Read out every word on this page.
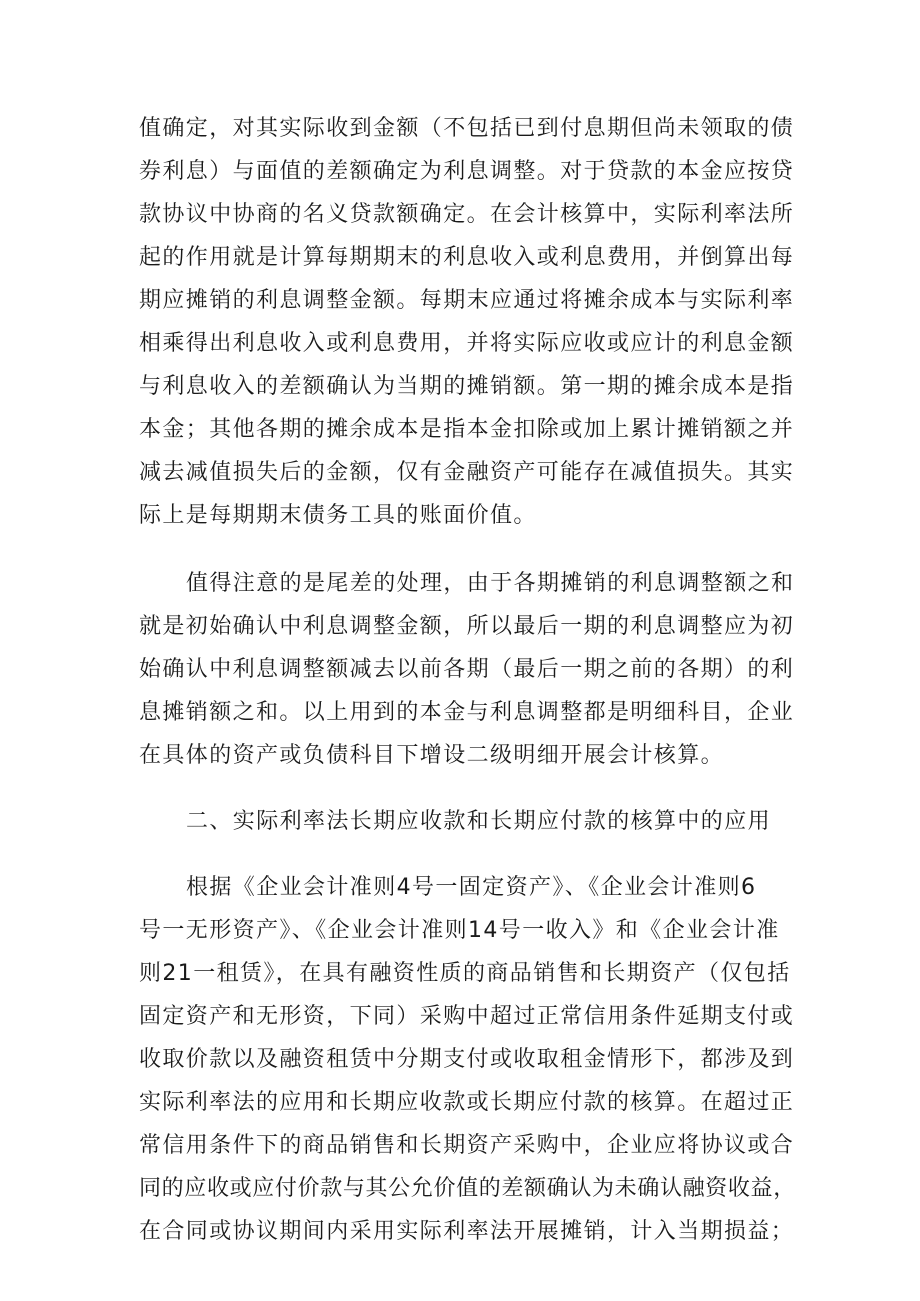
值确定，对其实际收到金额（不包括已到付息期但尚未领取的债
券利息）与面值的差额确定为利息调整。对于贷款的本金应按贷
款协议中协商的名义贷款额确定。在会计核算中，实际利率法所
起的作用就是计算每期期末的利息收入或利息费用，并倒算出每
期应摊销的利息调整金额。每期末应通过将摊余成本与实际利率
相乘得出利息收入或利息费用，并将实际应收或应计的利息金额
与利息收入的差额确认为当期的摊销额。第一期的摊余成本是指
本金；其他各期的摊余成本是指本金扣除或加上累计摊销额之并
减去减值损失后的金额，仅有金融资产可能存在减值损失。其实
际上是每期期末债务工具的账面价值。
值得注意的是尾差的处理，由于各期摊销的利息调整额之和
就是初始确认中利息调整金额，所以最后一期的利息调整应为初
始确认中利息调整额减去以前各期（最后一期之前的各期）的利
息摊销额之和。以上用到的本金与利息调整都是明细科目，企业
在具体的资产或负债科目下增设二级明细开展会计核算。
二、实际利率法长期应收款和长期应付款的核算中的应用
根据《企业会计准则4号一固定资产》、《企业会计准则6
号一无形资产》、《企业会计准则14号一收入》和《企业会计准
则21一租赁》，在具有融资性质的商品销售和长期资产（仅包括
固定资产和无形资，下同）采购中超过正常信用条件延期支付或
收取价款以及融资租赁中分期支付或收取租金情形下，都涉及到
实际利率法的应用和长期应收款或长期应付款的核算。在超过正
常信用条件下的商品销售和长期资产采购中，企业应将协议或合
同的应收或应付价款与其公允价值的差额确认为未确认融资收益，
在合同或协议期间内采用实际利率法开展摊销，计入当期损益；
